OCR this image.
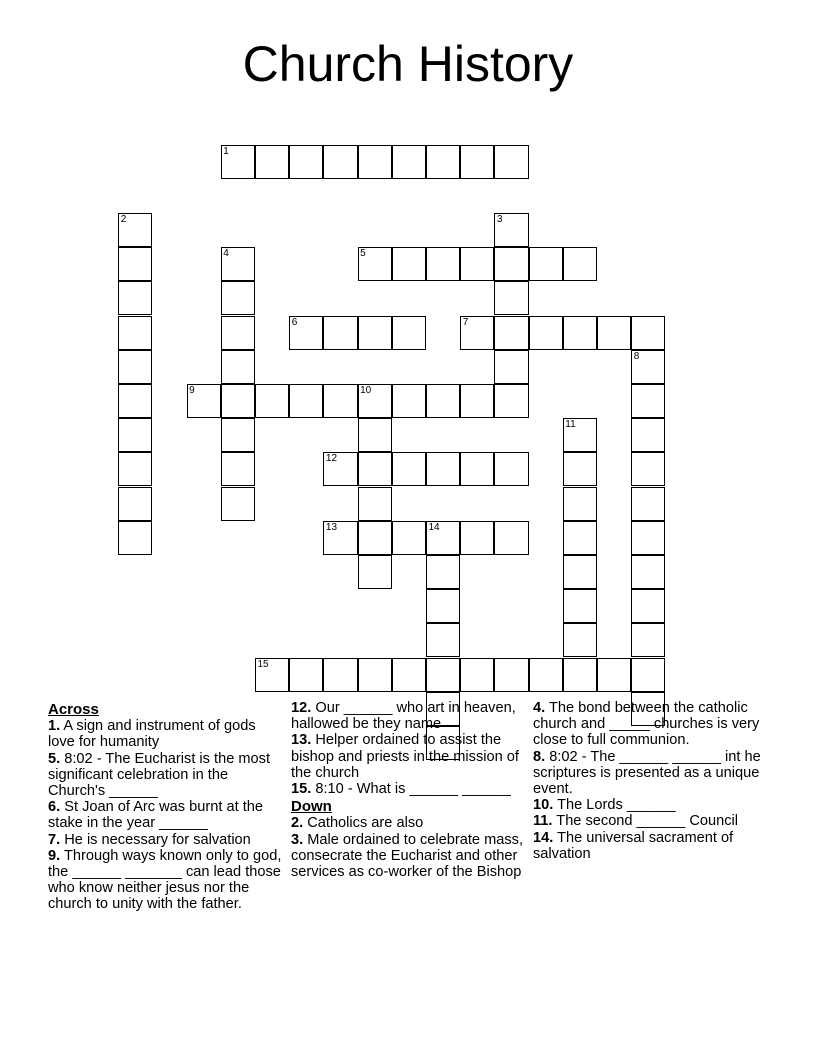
Church History
1
2	3
4	5
6	7
8
9	10
11
12
13	14
15
Across
1. A sign and instrument of gods love for humanity
5. 8:02 - The Eucharist is the most significant celebration in the Church's ______
6. St Joan of Arc was burnt at the stake in the year ______
7. He is necessary for salvation
9. Through ways known only to god, the ______ _______ can lead those who know neither jesus nor the church to unity with the father.
12. Our ______ who art in heaven, hallowed be they name
13. Helper ordained to assist the bishop and priests in the mission of the church
15. 8:10 - What is ______ ______
Down
2. Catholics are also
3. Male ordained to celebrate mass, consecrate the Eucharist and other services as co-worker of the Bishop
4. The bond between the catholic church and _____ churches is very close to full communion.
8. 8:02 - The ______ ______ int he scriptures is presented as a unique event.
10. The Lords ______
11. The second ______ Council
14. The universal sacrament of salvation
